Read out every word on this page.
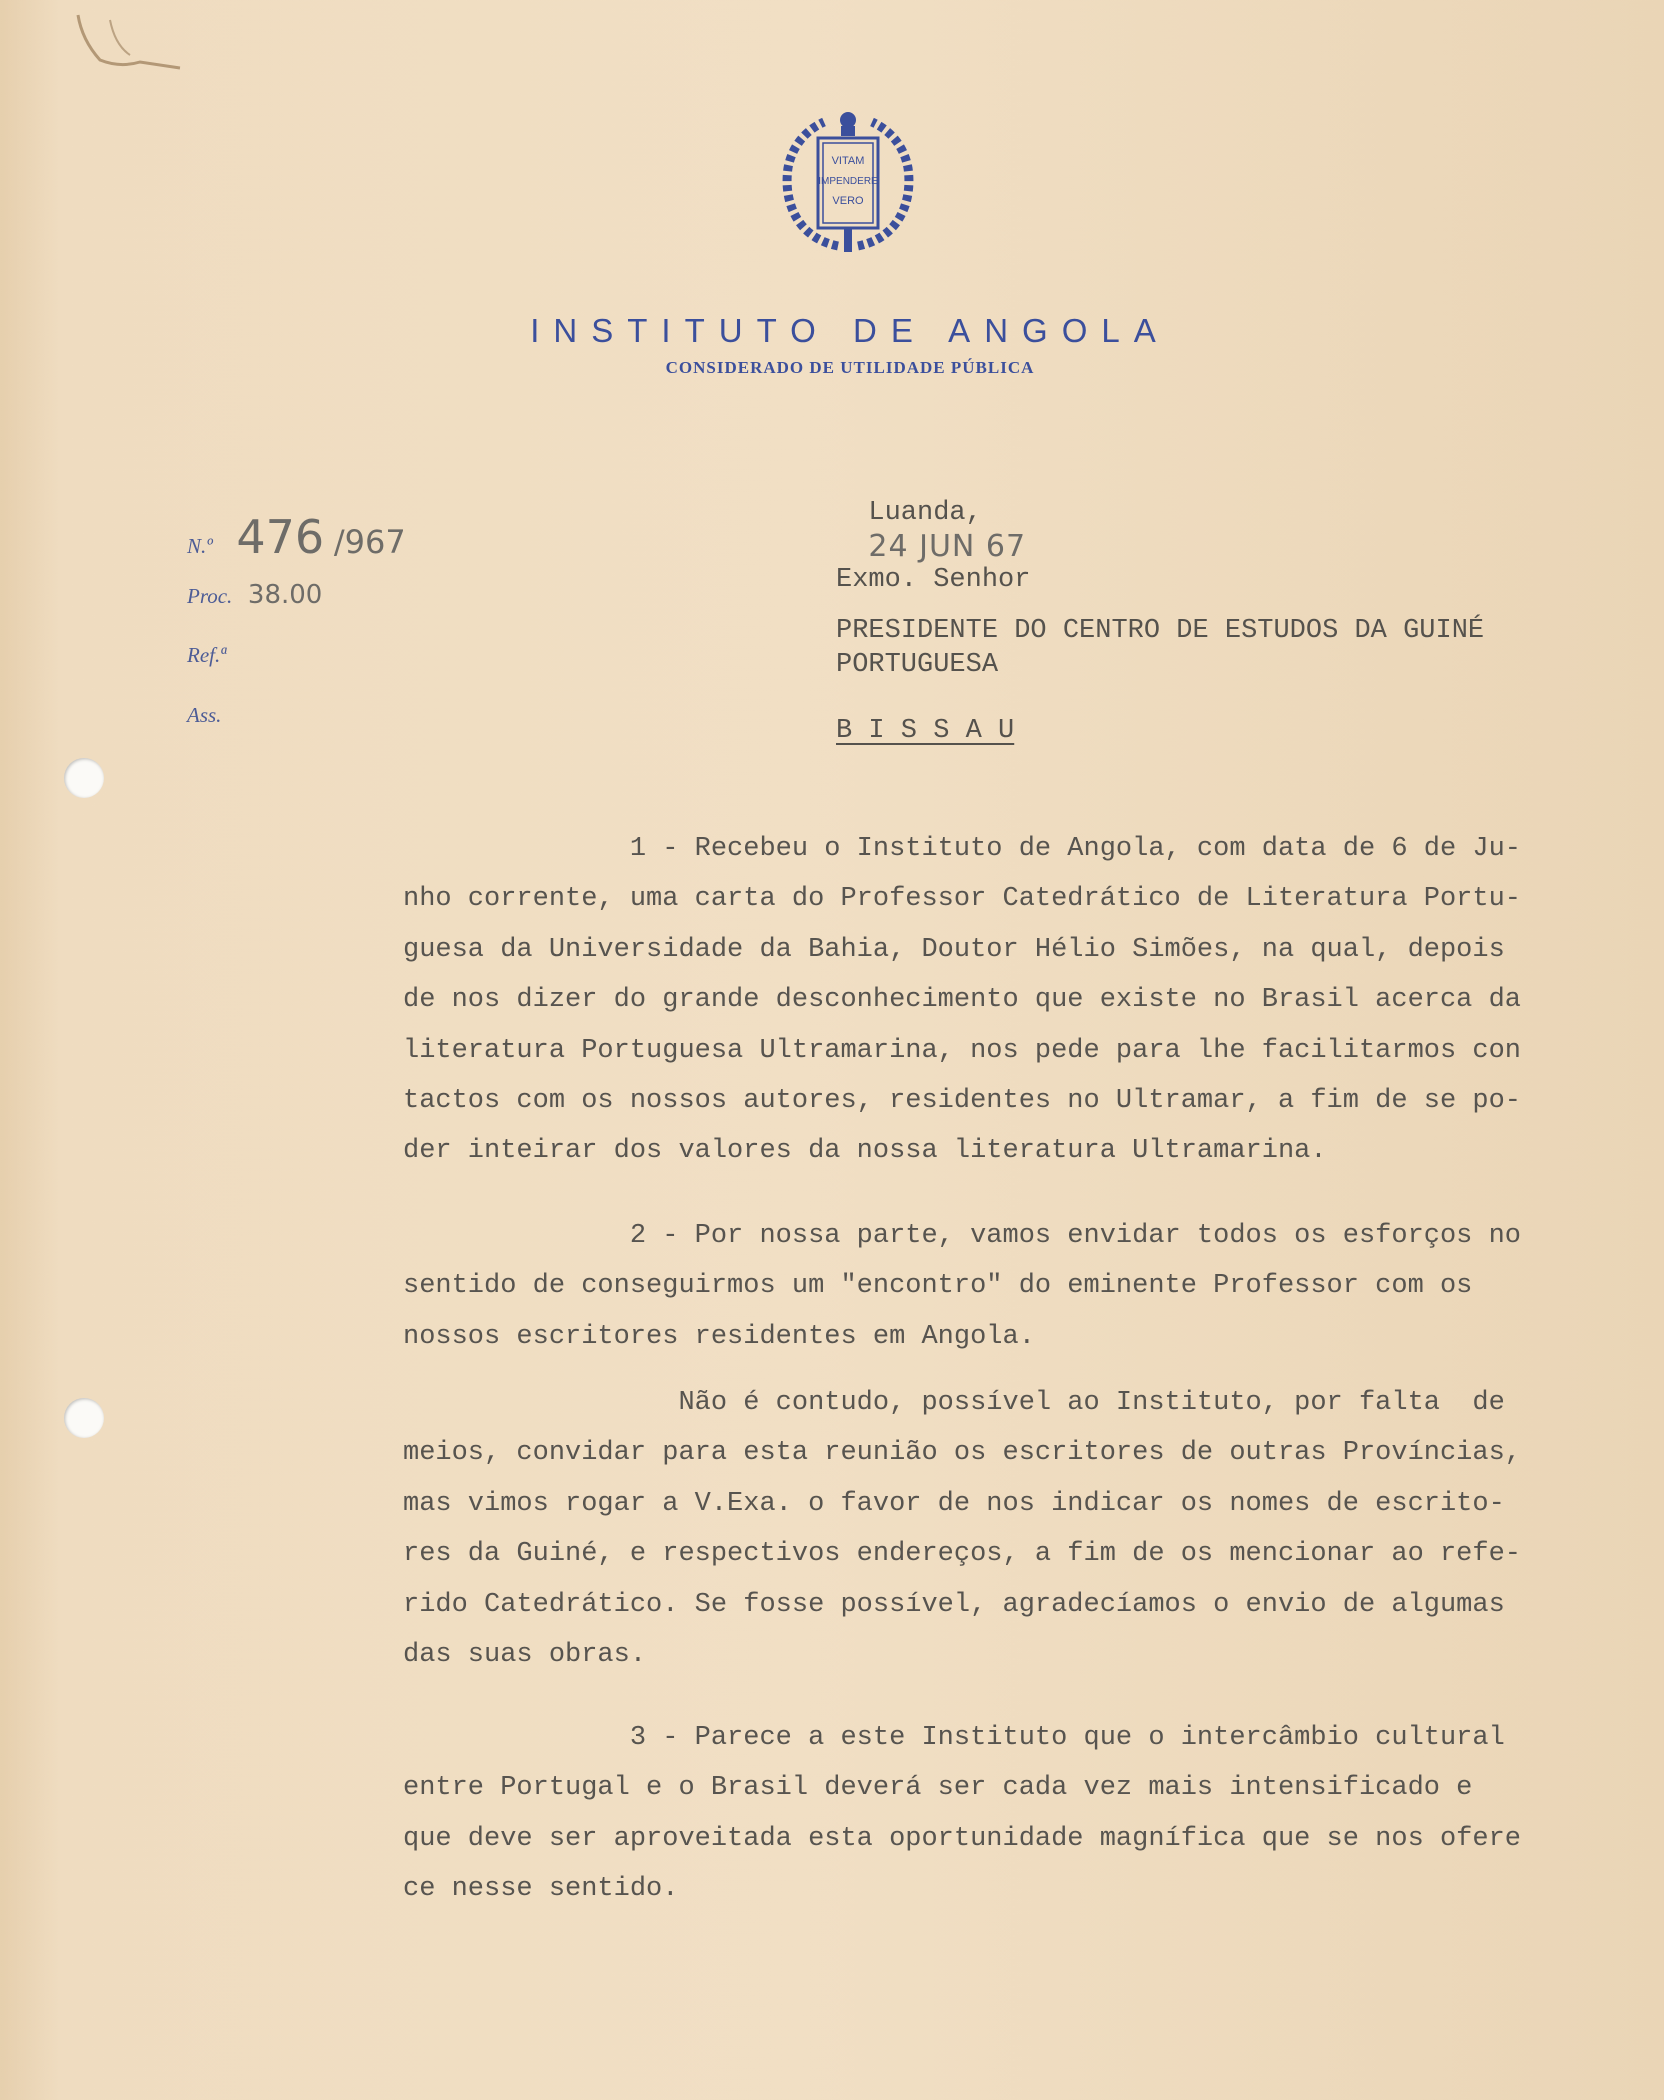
VITAM
IMPENDERE
VERO
INSTITUTO DE ANGOLA
CONSIDERADO DE UTILIDADE PÚBLICA

Luanda,
24 JUN 67

N.º 476 /967
Proc. 38.00
Ref.ª
Ass.
Exmo. Senhor
PRESIDENTE DO CENTRO DE ESTUDOS DA GUINÉ
PORTUGUESA
B I S S A U

1 - Recebeu o Instituto de Angola, com data de 6 de Ju-

nho corrente, uma carta do Professor Catedrático de Literatura Portu-

guesa da Universidade da Bahia, Doutor Hélio Simões, na qual, depois

de nos dizer do grande desconhecimento que existe no Brasil acerca da

literatura Portuguesa Ultramarina, nos pede para lhe facilitarmos con

tactos com os nossos autores, residentes no Ultramar, a fim de se po-

der inteirar dos valores da nossa literatura Ultramarina.

2 - Por nossa parte, vamos envidar todos os esforços no

sentido de conseguirmos um "encontro" do eminente Professor com os

nossos escritores residentes em Angola.

Não é contudo, possível ao Instituto, por falta  de

meios, convidar para esta reunião os escritores de outras Províncias,

mas vimos rogar a V.Exa. o favor de nos indicar os nomes de escrito-

res da Guiné, e respectivos endereços, a fim de os mencionar ao refe-

rido Catedrático. Se fosse possível, agradecíamos o envio de algumas

das suas obras.

3 - Parece a este Instituto que o intercâmbio cultural

entre Portugal e o Brasil deverá ser cada vez mais intensificado e

que deve ser aproveitada esta oportunidade magnífica que se nos ofere

ce nesse sentido.
